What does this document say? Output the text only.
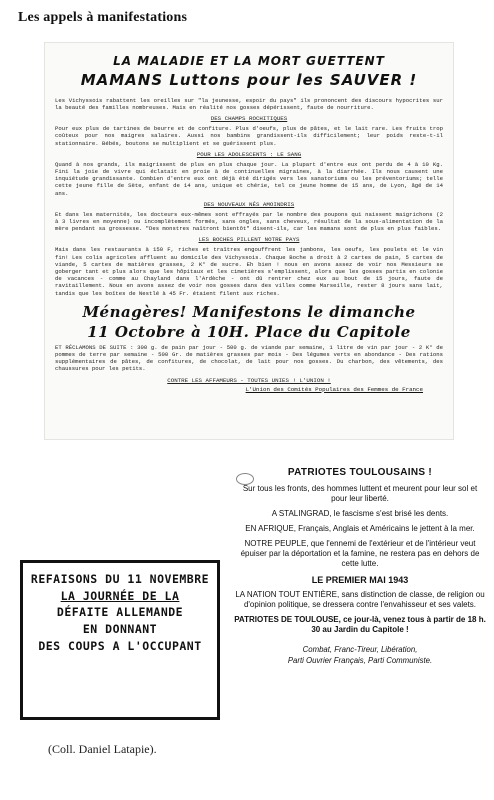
Les appels à manifestations
LA MALADIE ET LA MORT GUETTENT
MAMANS Luttons pour les SAUVER !

Les Vichyssois rabattent les oreilles sur "la jeunesse, espoir du pays" ils prononcent des discours hypocrites sur la beauté des familles nombreuses. Mais en réalité nos gosses dépérissent, faute de nourriture.

DES CHAMPS ROCHITIQUES

Pour eux plus de tartines de beurre et de confiture. Plus d'oeufs, plus de pâtes, et le lait rare. Les fruits trop coûteux pour nos maigres salaires. Aussi nos bambins grandissent-ils difficilement; leur poids reste-t-il stationnaire. Bébés, boutons se multiplient et se guérissent plus.

POUR LES ADOLESCENTS : LE SANG

Quand à nos grands, ils maigrissent de plus en plus chaque jour. La plupart d'entre eux ont perdu de 4 à 10 Kg. Fini la joie de vivre qui éclatait en proie à de continuelles migraines, à la diarrhée. Ils nous causent une inquiétude grandissante. Combien d'entre eux ont déjà été dirigés vers les sanatoriums ou les préventoriums; telle cette jeune fille de Sète, enfant de 14 ans, unique et chérie, tel ce jeune homme de 15 ans, de Lyon, âgé de 14 ans.

DES NOUVEAUX NÉS AMOINDRIS

Et dans les maternités, les docteurs eux-mêmes sont effrayés par le nombre des poupons qui naissent maigrichons (2 à 3 livres en moyenne) ou incomplètement formés, sans ongles, sans cheveux, résultat de la sous-alimentation de la mère pendant sa grossesse. "Des monstres naîtront bientôt" disent-ils, car les mamans sont de plus en plus faibles.

LES BOCHES PILLENT NOTRE PAYS

Mais dans les restaurants à 150 F, riches et traîtres engouffrent les jambons, les oeufs, les poulets et le vin fin! Les colis agricoles affluent au domicile des Vichyssois. Chaque Boche a droit à 2 cartes de pain, 5 cartes de viande, 5 cartes de matières grasses, 2 K° de sucre. Eh bien ! nous en avons assez de voir nos Messieurs se goberger tant et plus alors que les hôpitaux et les cimetières s'emplissent, alors que les gosses partis en colonie de vacances - comme au Chayland dans l'Ardèche - ont dû rentrer chez eux au bout de 15 jours, faute de ravitaillement. Nous en avons assez de voir nos gosses dans des villes comme Marseille, rester 8 jours sans lait, tandis que les boîtes de Nestlé à 45 Fr. étaient filent aux riches.

Ménagères! Manifestons le dimanche
11 Octobre à 10H. Place du Capitole

ET RÉCLAMONS DE SUITE : 300 g. de pain par jour - 500 g. de viande par semaine, 1 litre de vin par jour - 2 K° de pommes de terre par semaine - 500 Gr. de matières grasses par mois - Des légumes verts en abondance - Des rations supplémentaires de pâtes, de confitures, de chocolat, de lait pour nos gosses. Du charbon, des vêtements, des chaussures pour les petits.

CONTRE LES AFFAMEURS - TOUTES UNIES ! L'UNION !
L'Union des Comités Populaires des Femmes de France
REFAISONS DU 11 NOVEMBRE
LA JOURNÉE DE LA
DÉFAITE ALLEMANDE
EN DONNANT
DES COUPS A L'OCCUPANT
(Coll. Daniel Latapie).
PATRIOTES TOULOUSAINS !

Sur tous les fronts, des hommes luttent et meurent pour leur sol et pour leur liberté.

A STALINGRAD, le fascisme s'est brisé les dents.

EN AFRIQUE, Français, Anglais et Américains le jettent à la mer.

NOTRE PEUPLE, que l'ennemi de l'extérieur et de l'intérieur veut épuiser par la déportation et la famine, ne restera pas en dehors de cette lutte.

LE PREMIER MAI 1943

LA NATION TOUT ENTIÈRE, sans distinction de classe, de religion ou d'opinion politique, se dressera contre l'envahisseur et ses valets.

PATRIOTES DE TOULOUSE, ce jour-là, venez tous à partir de 18 h. 30 au Jardin du Capitole !

Combat, Franc-Tireur, Libération,
Parti Ouvrier Français, Parti Communiste.
